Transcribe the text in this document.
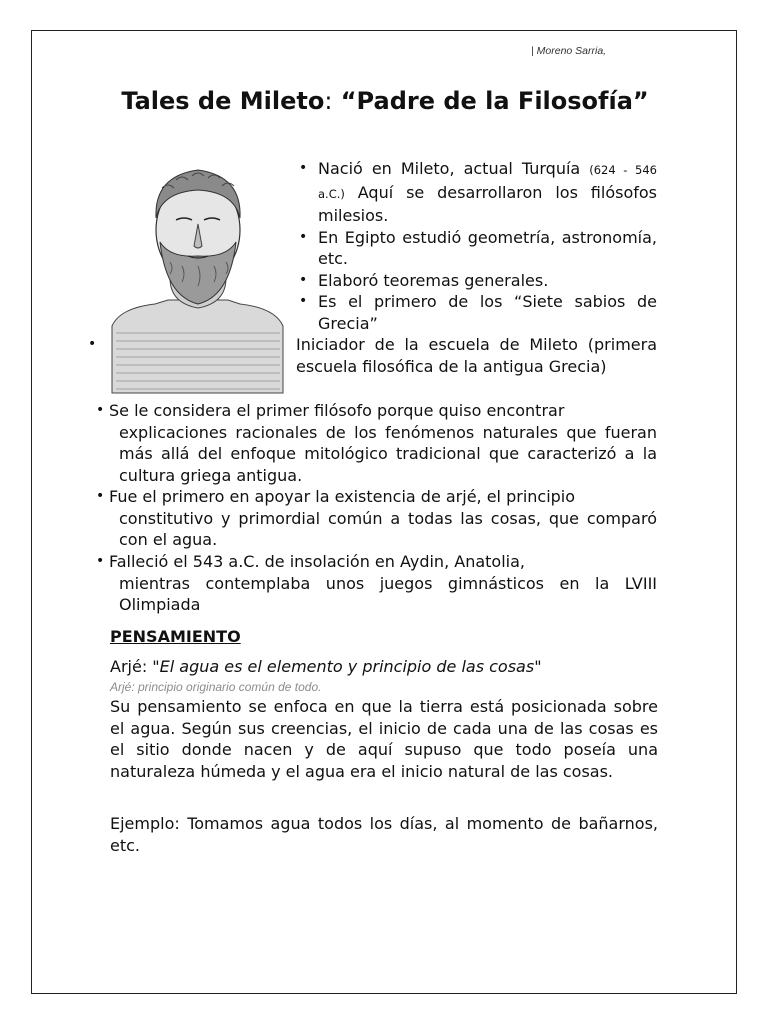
| Moreno Sarria,
Tales de Mileto: “Padre de la Filosofía”
• Nació en Mileto, actual Turquía (624 - 546 a.C.) Aquí se desarrollaron los filósofos milesios.
• En Egipto estudió geometría, astronomía, etc.
• Elaboró teoremas generales.
• Es el primero de los “Siete sabios de Grecia”
•	Iniciador de la escuela de Mileto (primera escuela filosófica de la antigua Grecia)
• Se le considera el primer filósofo porque quiso encontrar
explicaciones racionales de los fenómenos naturales que fueran más allá del enfoque mitológico tradicional que caracterizó a la cultura griega antigua.
• Fue el primero en apoyar la existencia de arjé, el principio
constitutivo y primordial común a todas las cosas, que comparó con el agua.
• Falleció el 543 a.C. de insolación en Aydin, Anatolia,
mientras contemplaba unos juegos gimnásticos en la LVIII Olimpiada
PENSAMIENTO
Arjé: "El agua es el elemento y principio de las cosas"
Arjé: principio originario común de todo.
Su pensamiento se enfoca en que la tierra está posicionada sobre el agua. Según sus creencias, el inicio de cada una de las cosas es el sitio donde nacen y de aquí supuso que todo poseía una naturaleza húmeda y el agua era el inicio natural de las cosas.
Ejemplo: Tomamos agua todos los días, al momento de bañarnos, etc.
